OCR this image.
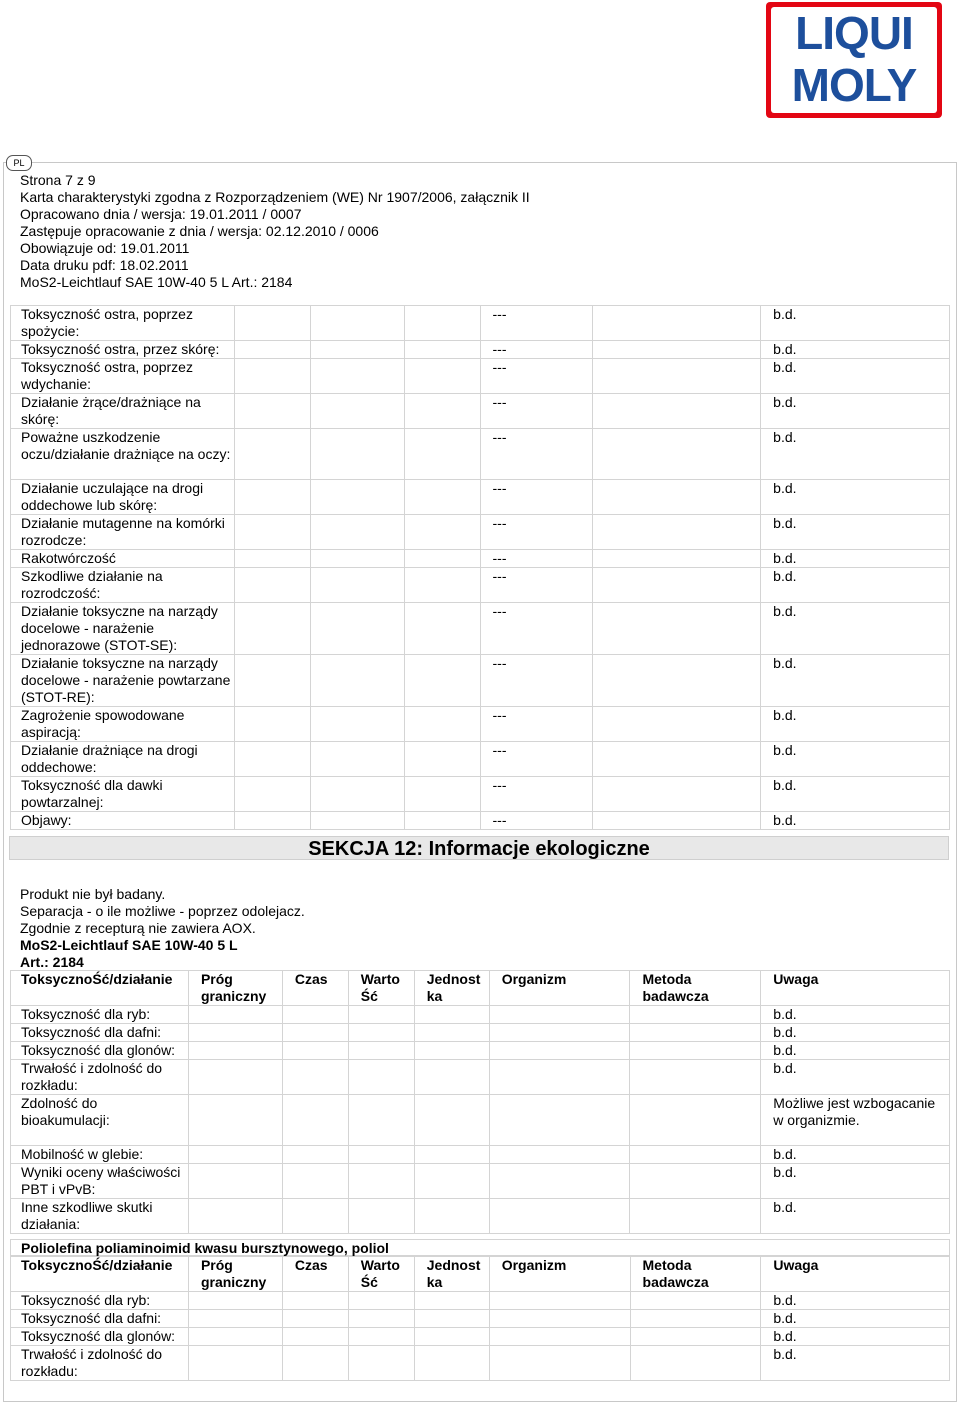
LIQUI
MOLY
PL
Strona 7 z 9
Karta charakterystyki zgodna z Rozporządzeniem (WE) Nr 1907/2006, załącznik II
Opracowano dnia / wersja: 19.01.2011 / 0007
Zastępuje opracowanie z dnia / wersja: 02.12.2010 / 0006
Obowiązuje od: 19.01.2011
Data druku pdf: 18.02.2011
MoS2-Leichtlauf SAE 10W-40 5 L Art.: 2184
Toksyczność ostra, poprzez spożycie:				---		b.d.
Toksyczność ostra, przez skórę:				---		b.d.
Toksyczność ostra, poprzez wdychanie:				---		b.d.
Działanie żrące/drażniące na skórę:				---		b.d.
Poważne uszkodzenie oczu/działanie drażniące na oczy:				---		b.d.
Działanie uczulające na drogi oddechowe lub skórę:				---		b.d.
Działanie mutagenne na komórki rozrodcze:				---		b.d.
Rakotwórczość				---		b.d.
Szkodliwe działanie na rozrodczość:				---		b.d.
Działanie toksyczne na narządy docelowe - narażenie jednorazowe (STOT-SE):				---		b.d.
Działanie toksyczne na narządy docelowe - narażenie powtarzane (STOT-RE):				---		b.d.
Zagrożenie spowodowane aspiracją:				---		b.d.
Działanie drażniące na drogi oddechowe:				---		b.d.
Toksyczność dla dawki powtarzalnej:				---		b.d.
Objawy:				---		b.d.
SEKCJA 12: Informacje ekologiczne
Produkt nie był badany.
Separacja - o ile możliwe - poprzez odolejacz.
Zgodnie z recepturą nie zawiera AOX.
MoS2-Leichtlauf SAE 10W-40 5 L
Art.: 2184
ToksycznoŚć/działanie	Próg graniczny	Czas	Warto Ść	Jednost ka	Organizm	Metoda badawcza	Uwaga
Toksyczność dla ryb:							b.d.
Toksyczność dla dafni:							b.d.
Toksyczność dla glonów:							b.d.
Trwałość i zdolność do rozkładu:							b.d.
Zdolność do bioakumulacji:							Możliwe jest wzbogacanie w organizmie.
Mobilność w glebie:							b.d.
Wyniki oceny właściwości PBT i vPvB:							b.d.
Inne szkodliwe skutki działania:							b.d.
Poliolefina poliaminoimid kwasu bursztynowego, poliol
ToksycznoŚć/działanie	Próg graniczny	Czas	Warto Ść	Jednost ka	Organizm	Metoda badawcza	Uwaga
Toksyczność dla ryb:							b.d.
Toksyczność dla dafni:							b.d.
Toksyczność dla glonów:							b.d.
Trwałość i zdolność do rozkładu:							b.d.
